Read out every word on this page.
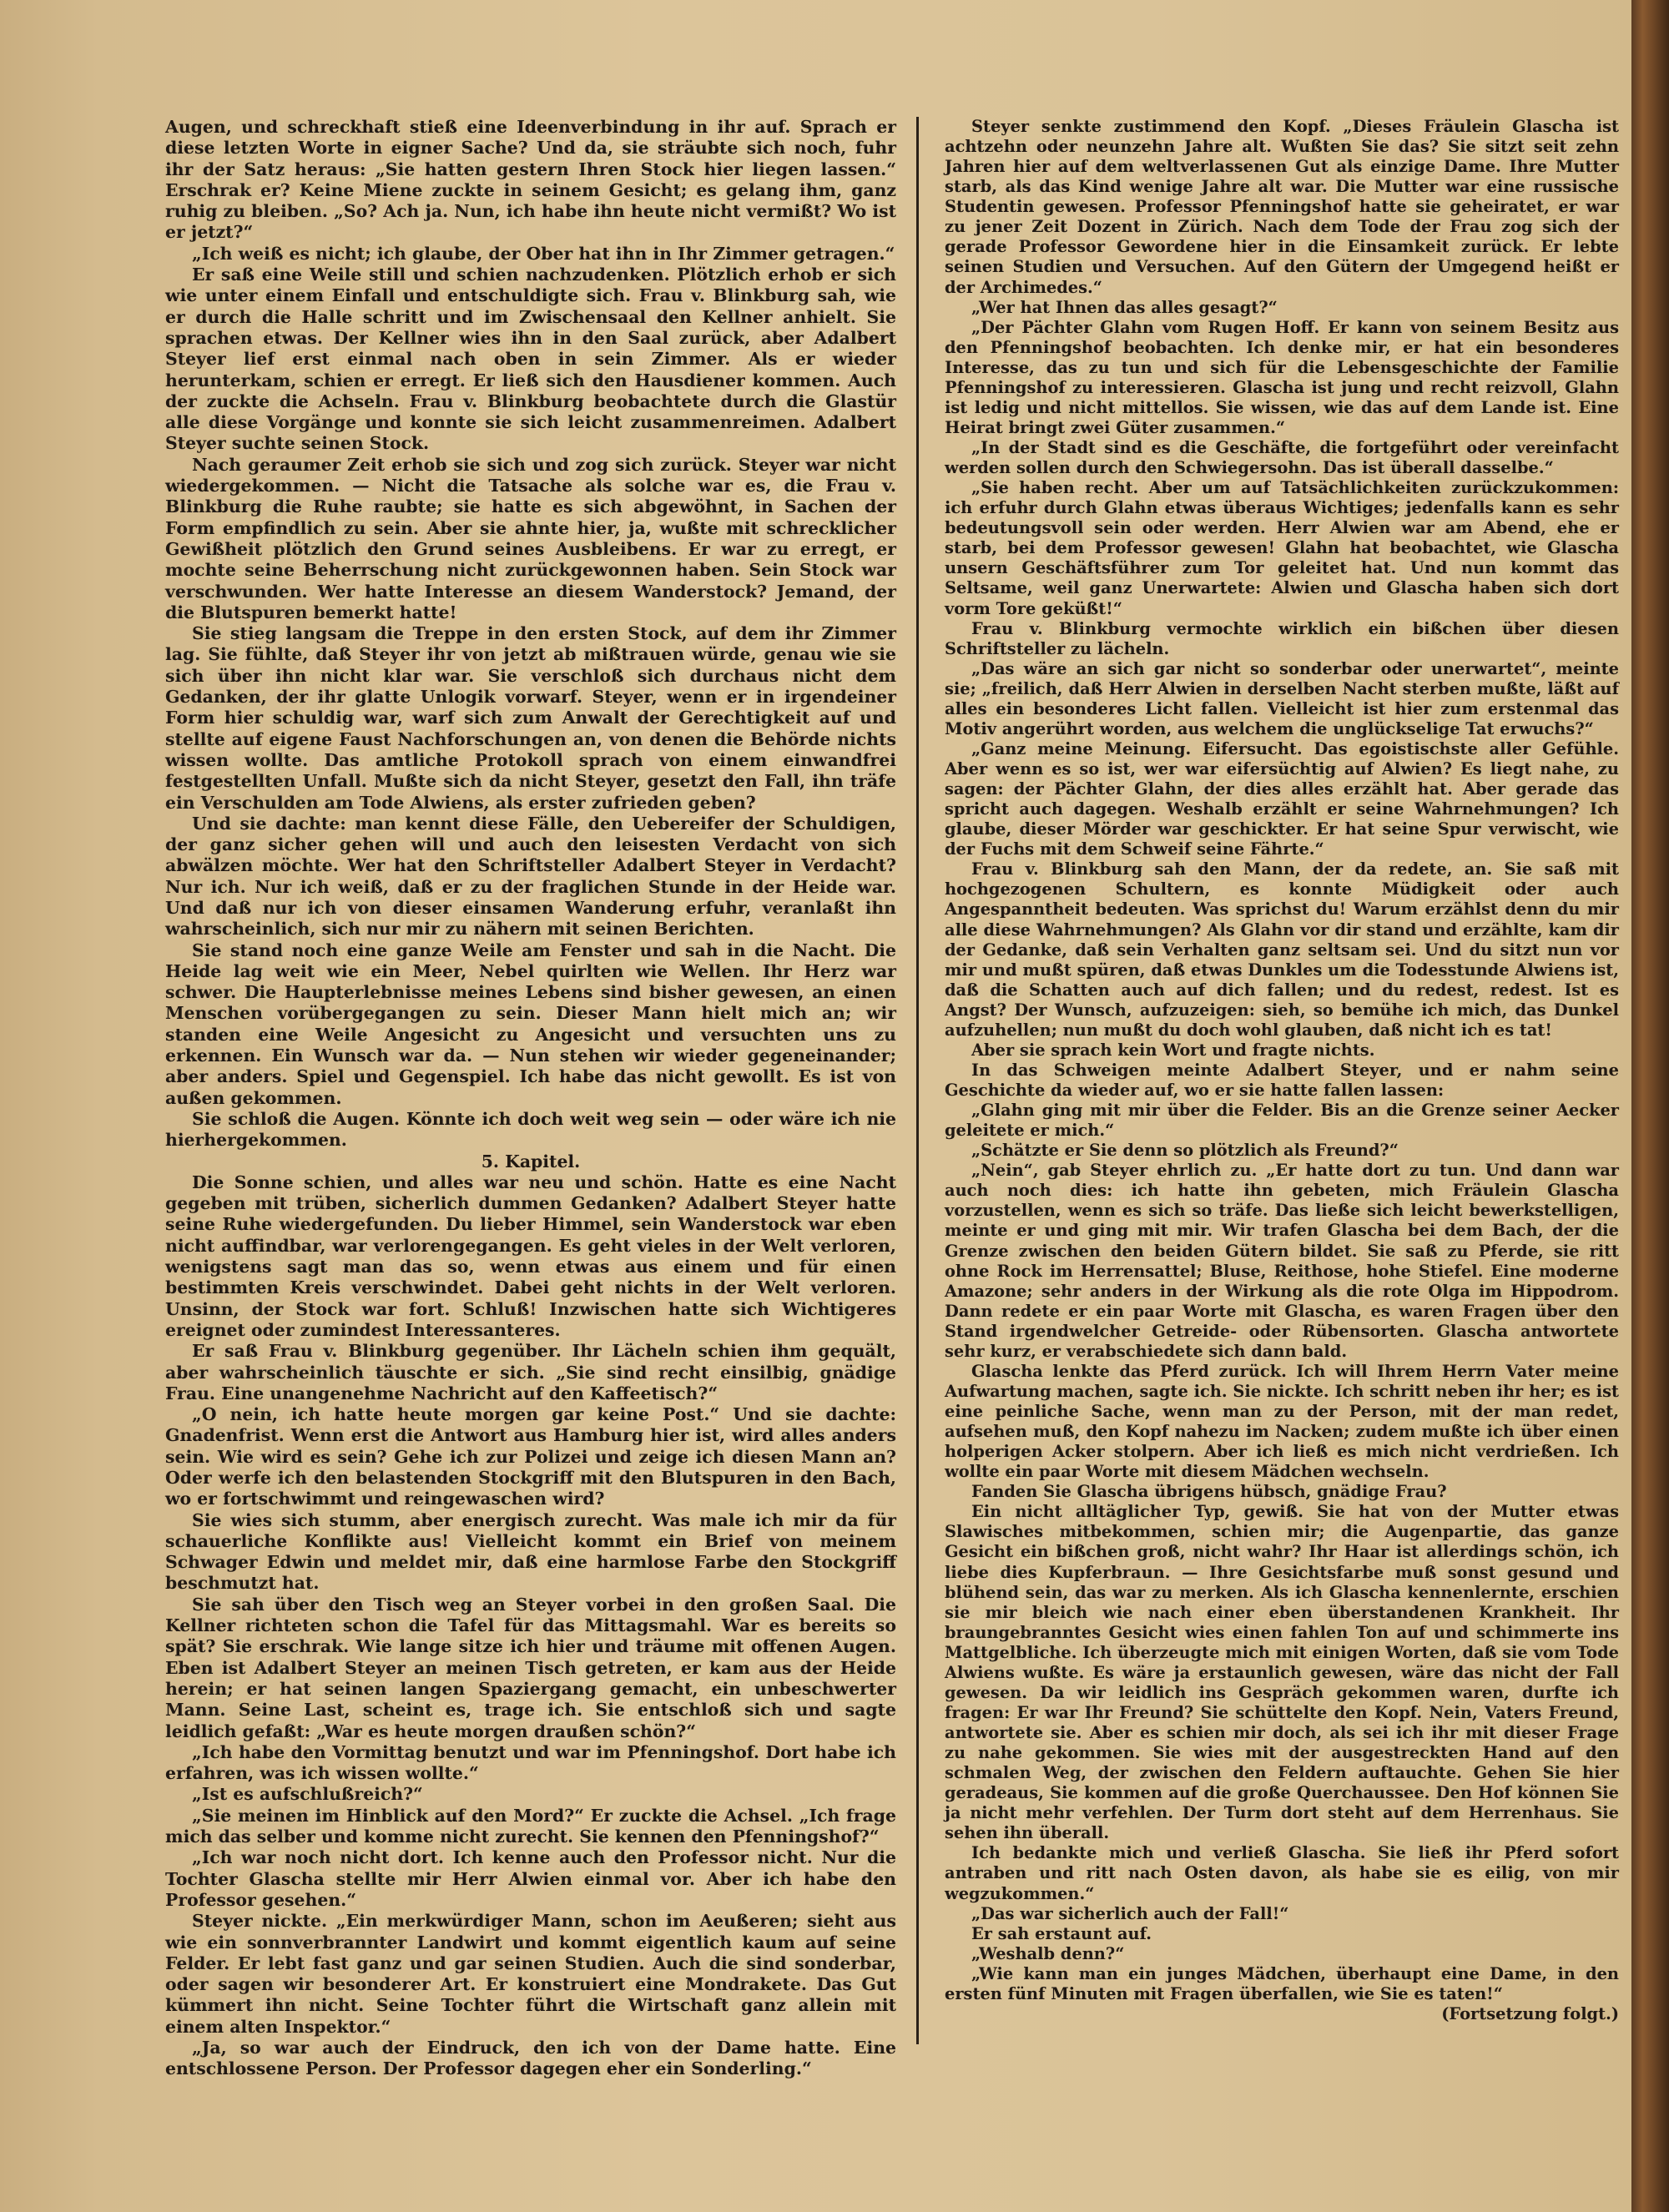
Augen, und schreckhaft stieß eine Ideenverbindung in ihr auf. Sprach er diese letzten Worte in eigner Sache? Und da, sie sträubte sich noch, fuhr ihr der Satz heraus: „Sie hatten gestern Ihren Stock hier liegen lassen.“ Erschrak er? Keine Miene zuckte in seinem Gesicht; es gelang ihm, ganz ruhig zu bleiben. „So? Ach ja. Nun, ich habe ihn heute nicht vermißt? Wo ist er jetzt?“

„Ich weiß es nicht; ich glaube, der Ober hat ihn in Ihr Zimmer getragen.“

Er saß eine Weile still und schien nachzudenken. Plötzlich erhob er sich wie unter einem Einfall und entschuldigte sich. Frau v. Blinkburg sah, wie er durch die Halle schritt und im Zwischensaal den Kellner anhielt. Sie sprachen etwas. Der Kellner wies ihn in den Saal zurück, aber Adalbert Steyer lief erst einmal nach oben in sein Zimmer. Als er wieder herunterkam, schien er erregt. Er ließ sich den Hausdiener kommen. Auch der zuckte die Achseln. Frau v. Blinkburg beobachtete durch die Glastür alle diese Vorgänge und konnte sie sich leicht zusammenreimen. Adalbert Steyer suchte seinen Stock.

Nach geraumer Zeit erhob sie sich und zog sich zurück. Steyer war nicht wiedergekommen. — Nicht die Tatsache als solche war es, die Frau v. Blinkburg die Ruhe raubte; sie hatte es sich abgewöhnt, in Sachen der Form empfindlich zu sein. Aber sie ahnte hier, ja, wußte mit schrecklicher Gewißheit plötzlich den Grund seines Ausbleibens. Er war zu erregt, er mochte seine Beherrschung nicht zurückgewonnen haben. Sein Stock war verschwunden. Wer hatte Interesse an diesem Wanderstock? Jemand, der die Blutspuren bemerkt hatte!

Sie stieg langsam die Treppe in den ersten Stock, auf dem ihr Zimmer lag. Sie fühlte, daß Steyer ihr von jetzt ab mißtrauen würde, genau wie sie sich über ihn nicht klar war. Sie verschloß sich durchaus nicht dem Gedanken, der ihr glatte Unlogik vorwarf. Steyer, wenn er in irgendeiner Form hier schuldig war, warf sich zum Anwalt der Gerechtigkeit auf und stellte auf eigene Faust Nachforschungen an, von denen die Behörde nichts wissen wollte. Das amtliche Protokoll sprach von einem einwandfrei festgestellten Unfall. Mußte sich da nicht Steyer, gesetzt den Fall, ihn träfe ein Verschulden am Tode Alwiens, als erster zufrieden geben?

Und sie dachte: man kennt diese Fälle, den Uebereifer der Schuldigen, der ganz sicher gehen will und auch den leisesten Verdacht von sich abwälzen möchte. Wer hat den Schriftsteller Adalbert Steyer in Verdacht? Nur ich. Nur ich weiß, daß er zu der fraglichen Stunde in der Heide war. Und daß nur ich von dieser einsamen Wanderung erfuhr, veranlaßt ihn wahrscheinlich, sich nur mir zu nähern mit seinen Berichten.

Sie stand noch eine ganze Weile am Fenster und sah in die Nacht. Die Heide lag weit wie ein Meer, Nebel quirlten wie Wellen. Ihr Herz war schwer. Die Haupterlebnisse meines Lebens sind bisher gewesen, an einen Menschen vorübergegangen zu sein. Dieser Mann hielt mich an; wir standen eine Weile Angesicht zu Angesicht und versuchten uns zu erkennen. Ein Wunsch war da. — Nun stehen wir wieder gegeneinander; aber anders. Spiel und Gegenspiel. Ich habe das nicht gewollt. Es ist von außen gekommen.

Sie schloß die Augen. Könnte ich doch weit weg sein — oder wäre ich nie hierhergekommen.

5. Kapitel.

Die Sonne schien, und alles war neu und schön. Hatte es eine Nacht gegeben mit trüben, sicherlich dummen Gedanken? Adalbert Steyer hatte seine Ruhe wiedergefunden. Du lieber Himmel, sein Wanderstock war eben nicht auffindbar, war verlorengegangen. Es geht vieles in der Welt verloren, wenigstens sagt man das so, wenn etwas aus einem und für einen bestimmten Kreis verschwindet. Dabei geht nichts in der Welt verloren. Unsinn, der Stock war fort. Schluß! Inzwischen hatte sich Wichtigeres ereignet oder zumindest Interessanteres.

Er saß Frau v. Blinkburg gegenüber. Ihr Lächeln schien ihm gequält, aber wahrscheinlich täuschte er sich. „Sie sind recht einsilbig, gnädige Frau. Eine unangenehme Nachricht auf den Kaffeetisch?“

„O nein, ich hatte heute morgen gar keine Post.“ Und sie dachte: Gnadenfrist. Wenn erst die Antwort aus Hamburg hier ist, wird alles anders sein. Wie wird es sein? Gehe ich zur Polizei und zeige ich diesen Mann an? Oder werfe ich den belastenden Stockgriff mit den Blutspuren in den Bach, wo er fortschwimmt und reingewaschen wird?

Sie wies sich stumm, aber energisch zurecht. Was male ich mir da für schauerliche Konflikte aus! Vielleicht kommt ein Brief von meinem Schwager Edwin und meldet mir, daß eine harmlose Farbe den Stockgriff beschmutzt hat.

Sie sah über den Tisch weg an Steyer vorbei in den großen Saal. Die Kellner richteten schon die Tafel für das Mittagsmahl. War es bereits so spät? Sie erschrak. Wie lange sitze ich hier und träume mit offenen Augen. Eben ist Adalbert Steyer an meinen Tisch getreten, er kam aus der Heide herein; er hat seinen langen Spaziergang gemacht, ein unbeschwerter Mann. Seine Last, scheint es, trage ich. Sie entschloß sich und sagte leidlich gefaßt: „War es heute morgen draußen schön?“

„Ich habe den Vormittag benutzt und war im Pfenningshof. Dort habe ich erfahren, was ich wissen wollte.“

„Ist es aufschlußreich?“

„Sie meinen im Hinblick auf den Mord?“ Er zuckte die Achsel. „Ich frage mich das selber und komme nicht zurecht. Sie kennen den Pfenningshof?“

„Ich war noch nicht dort. Ich kenne auch den Professor nicht. Nur die Tochter Glascha stellte mir Herr Alwien einmal vor. Aber ich habe den Professor gesehen.“

Steyer nickte. „Ein merkwürdiger Mann, schon im Aeußeren; sieht aus wie ein sonnverbrannter Landwirt und kommt eigentlich kaum auf seine Felder. Er lebt fast ganz und gar seinen Studien. Auch die sind sonderbar, oder sagen wir besonderer Art. Er konstruiert eine Mondrakete. Das Gut kümmert ihn nicht. Seine Tochter führt die Wirtschaft ganz allein mit einem alten Inspektor.“

„Ja, so war auch der Eindruck, den ich von der Dame hatte. Eine entschlossene Person. Der Professor dagegen eher ein Sonderling.“

Steyer senkte zustimmend den Kopf. „Dieses Fräulein Glascha ist achtzehn oder neunzehn Jahre alt. Wußten Sie das? Sie sitzt seit zehn Jahren hier auf dem weltverlassenen Gut als einzige Dame. Ihre Mutter starb, als das Kind wenige Jahre alt war. Die Mutter war eine russische Studentin gewesen. Professor Pfenningshof hatte sie geheiratet, er war zu jener Zeit Dozent in Zürich. Nach dem Tode der Frau zog sich der gerade Professor Gewordene hier in die Einsamkeit zurück. Er lebte seinen Studien und Versuchen. Auf den Gütern der Umgegend heißt er der Archimedes.“

„Wer hat Ihnen das alles gesagt?“

„Der Pächter Glahn vom Rugen Hoff. Er kann von seinem Besitz aus den Pfenningshof beobachten. Ich denke mir, er hat ein besonderes Interesse, das zu tun und sich für die Lebensgeschichte der Familie Pfenningshof zu interessieren. Glascha ist jung und recht reizvoll, Glahn ist ledig und nicht mittellos. Sie wissen, wie das auf dem Lande ist. Eine Heirat bringt zwei Güter zusammen.“

„In der Stadt sind es die Geschäfte, die fortgeführt oder vereinfacht werden sollen durch den Schwiegersohn. Das ist überall dasselbe.“

„Sie haben recht. Aber um auf Tatsächlichkeiten zurückzukommen: ich erfuhr durch Glahn etwas überaus Wichtiges; jedenfalls kann es sehr bedeutungsvoll sein oder werden. Herr Alwien war am Abend, ehe er starb, bei dem Professor gewesen! Glahn hat beobachtet, wie Glascha unsern Geschäftsführer zum Tor geleitet hat. Und nun kommt das Seltsame, weil ganz Unerwartete: Alwien und Glascha haben sich dort vorm Tore geküßt!“

Frau v. Blinkburg vermochte wirklich ein bißchen über diesen Schriftsteller zu lächeln.

„Das wäre an sich gar nicht so sonderbar oder unerwartet“, meinte sie; „freilich, daß Herr Alwien in derselben Nacht sterben mußte, läßt auf alles ein besonderes Licht fallen. Vielleicht ist hier zum erstenmal das Motiv angerührt worden, aus welchem die unglückselige Tat erwuchs?“

„Ganz meine Meinung. Eifersucht. Das egoistischste aller Gefühle. Aber wenn es so ist, wer war eifersüchtig auf Alwien? Es liegt nahe, zu sagen: der Pächter Glahn, der dies alles erzählt hat. Aber gerade das spricht auch dagegen. Weshalb erzählt er seine Wahrnehmungen? Ich glaube, dieser Mörder war geschickter. Er hat seine Spur verwischt, wie der Fuchs mit dem Schweif seine Fährte.“

Frau v. Blinkburg sah den Mann, der da redete, an. Sie saß mit hochgezogenen Schultern, es konnte Müdigkeit oder auch Angespanntheit bedeuten. Was sprichst du! Warum erzählst denn du mir alle diese Wahrnehmungen? Als Glahn vor dir stand und erzählte, kam dir der Gedanke, daß sein Verhalten ganz seltsam sei. Und du sitzt nun vor mir und mußt spüren, daß etwas Dunkles um die Todesstunde Alwiens ist, daß die Schatten auch auf dich fallen; und du redest, redest. Ist es Angst? Der Wunsch, aufzuzeigen: sieh, so bemühe ich mich, das Dunkel aufzuhellen; nun mußt du doch wohl glauben, daß nicht ich es tat!

Aber sie sprach kein Wort und fragte nichts.

In das Schweigen meinte Adalbert Steyer, und er nahm seine Geschichte da wieder auf, wo er sie hatte fallen lassen:

„Glahn ging mit mir über die Felder. Bis an die Grenze seiner Aecker geleitete er mich.“

„Schätzte er Sie denn so plötzlich als Freund?“

„Nein“, gab Steyer ehrlich zu. „Er hatte dort zu tun. Und dann war auch noch dies: ich hatte ihn gebeten, mich Fräulein Glascha vorzustellen, wenn es sich so träfe. Das ließe sich leicht bewerkstelligen, meinte er und ging mit mir. Wir trafen Glascha bei dem Bach, der die Grenze zwischen den beiden Gütern bildet. Sie saß zu Pferde, sie ritt ohne Rock im Herrensattel; Bluse, Reithose, hohe Stiefel. Eine moderne Amazone; sehr anders in der Wirkung als die rote Olga im Hippodrom. Dann redete er ein paar Worte mit Glascha, es waren Fragen über den Stand irgendwelcher Getreide- oder Rübensorten. Glascha antwortete sehr kurz, er verabschiedete sich dann bald.

Glascha lenkte das Pferd zurück. Ich will Ihrem Herrn Vater meine Aufwartung machen, sagte ich. Sie nickte. Ich schritt neben ihr her; es ist eine peinliche Sache, wenn man zu der Person, mit der man redet, aufsehen muß, den Kopf nahezu im Nacken; zudem mußte ich über einen holperigen Acker stolpern. Aber ich ließ es mich nicht verdrießen. Ich wollte ein paar Worte mit diesem Mädchen wechseln.

Fanden Sie Glascha übrigens hübsch, gnädige Frau?

Ein nicht alltäglicher Typ, gewiß. Sie hat von der Mutter etwas Slawisches mitbekommen, schien mir; die Augenpartie, das ganze Gesicht ein bißchen groß, nicht wahr? Ihr Haar ist allerdings schön, ich liebe dies Kupferbraun. — Ihre Gesichtsfarbe muß sonst gesund und blühend sein, das war zu merken. Als ich Glascha kennenlernte, erschien sie mir bleich wie nach einer eben überstandenen Krankheit. Ihr braungebranntes Gesicht wies einen fahlen Ton auf und schimmerte ins Mattgelbliche. Ich überzeugte mich mit einigen Worten, daß sie vom Tode Alwiens wußte. Es wäre ja erstaunlich gewesen, wäre das nicht der Fall gewesen. Da wir leidlich ins Gespräch gekommen waren, durfte ich fragen: Er war Ihr Freund? Sie schüttelte den Kopf. Nein, Vaters Freund, antwortete sie. Aber es schien mir doch, als sei ich ihr mit dieser Frage zu nahe gekommen. Sie wies mit der ausgestreckten Hand auf den schmalen Weg, der zwischen den Feldern auftauchte. Gehen Sie hier geradeaus, Sie kommen auf die große Querchaussee. Den Hof können Sie ja nicht mehr verfehlen. Der Turm dort steht auf dem Herrenhaus. Sie sehen ihn überall.

Ich bedankte mich und verließ Glascha. Sie ließ ihr Pferd sofort antraben und ritt nach Osten davon, als habe sie es eilig, von mir wegzukommen.“

„Das war sicherlich auch der Fall!“

Er sah erstaunt auf.

„Weshalb denn?“

„Wie kann man ein junges Mädchen, überhaupt eine Dame, in den ersten fünf Minuten mit Fragen überfallen, wie Sie es taten!“

(Fortsetzung folgt.)
